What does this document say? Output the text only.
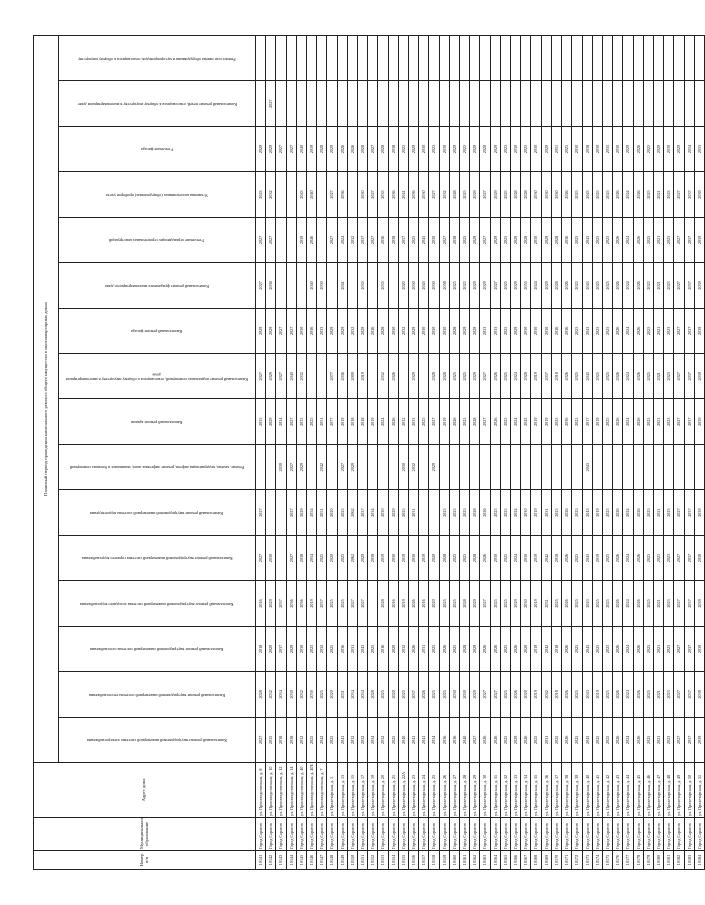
Номер п/п	Муниципальное образование	Адрес дома	Плановый период проведения капитального ремонта общего имущества в многоквартирных домах															

			Капитальный ремонт внутридомовой инженерной системы электроснабжения	Капитальный ремонт внутридомовой инженерной системы теплоснабжения	Капитальный ремонт внутридомовой инженерной системы газоснабжения	Капитальный ремонт внутридомовой инженерной системы холодного водоснабжения	Капитальный ремонт внутридомовой инженерной системы горячего водоснабжения	Капитальный ремонт внутридомовой инженерной системы водоотведения	Ремонт, замена, модернизация лифтов, ремонт лифтовых шахт, машинных и блочных помещений	Капитальный ремонт крыши	Капитальный ремонт подвальных помещений, относящихся к общему имуществу в многоквартирном доме	Капитальный ремонт фасада	Капитальный ремонт фундамента многоквартирного дома	Утепление ограждающих строительных конструкций	Установка коллективных (общедомовых) приборов учета	Утепление фасада	Капитальный ремонт печей, относящихся к общему имуществу в многоквартирном доме	Ремонт или замена оборудования и мусоропроводов, относящихся к общему имуществу

10141	Город Саратов	ул. Производственная, д. 8	2027	2028	2018	2016	2027	2027		2035	2027	2029	2027	2027	2023	2029		
10142	Город Саратов	ул. Производственная, д. 10	2035	2032	2029	2029	2030			2029	2029	2029	2038	2027	2032	2029	2027	
10143	Город Саратов	ул. Производственная, д. 12	2038	2034	2037	2037			2039	2034	2027	2027				2027		
10144	Город Саратов	ул. Производственная, д. 14	2038	2030	2029	2036	2027	2027	2027	2027	2040	2027				2027		
10145	Город Саратов	ул. Производственная, д. 40	2032	2032	2030	2036	2038	2029	2029	2035	2032	2030		2039	2043	2040		
10146	Город Саратов	ул. Производственная, д. 40Б	2025	2030	2025	2019	2054	2054		2025		2036	2040	2046	2040	2039		
10147	Город Саратов	ул. Производственная, д. 7	2042	2025	2032	2037	2025	2051	2042	2051		2033	2030			2028		
10148	Город Саратов	ул. Пролетарская, д. 1	2025	2020	2025	2025	2020	2020		2077	2077	2029		2027	2027	2029		
10149	Город Саратов	ул. Пролетарская, д. 13	2041	2031	2036	2025	2025	2025	2027	2019	2036	2029	2041	2024	2036	2026		
10150	Город Саратов	ул. Пролетарская, д. 15	2032	2034	2031	2027	2062	2062	2029	2018	2009	2032		2032		2026		
10151	Город Саратов	ул. Пролетарская, д. 17	2032	2034	2043	2027	2029	2037		2018	2019	2029	2035	2037	2030	2028		
10152	Город Саратов	ул. Пролетарская, д. 19	2034	2028	2025		2038	2034		2019		2036		2027	2027	2027		
10153	Город Саратов	ул. Пролетарская, д. 20	2032	2025	2016	2028	2019	2030		2024	2032	2028	2035	2036	2035	2028		
10154	Город Саратов	ул. Пролетарская, д. 21	2025	2020	2020	2016	2030	2029		2026	2026	2030		2038	2036	2038		
10155	Город Саратов	ул. Пролетарская, д. 22А	2040	2025	2032	2019	2019	2025	2030	2032		2032	2020	2037	2041	2025		
10156	Город Саратов	ул. Пролетарская, д. 23	2041	2037	2026	2026	2030	2031	2032	2033	2029	2029	2030	2025	2036	2029		
10157	Город Саратов	ул. Пролетарская, д. 24	2041	2026	2031	2016	2019			2025		2030	2043	2045	2030	2030		
10158	Город Саратов	ул. Пролетарская, д. 25	2034	2025	2025	2020	2020		2029	2027	2028	2030	2030	2030	2027	2025		
10159	Город Саратов	ул. Пролетарская, д. 26	2036	2025	2026	2025	2028	2025		2019	2028	2030	2058	2027	2032	2030		
10160	Город Саратов	ул. Пролетарская, д. 27	2036	2030	2025	2025	2025	2025		2026	2025	2028	2025	2038	2028	2029		
10161	Город Саратов	ул. Пролетарская, д. 28	2040	2030	2028	2028	2025	2025		2025	2025	2029	2025	2025	2025	2025		
10162	Город Саратов	ул. Пролетарская, д. 29	2027	2029	2029	2029	2028	2028		2028	2029	2029	2029	2029	2029	2029		
10163	Город Саратов	ул. Пролетарская, д. 30	2026	2027	2026	2027	2026	2026		2027	2027	2033	2029	2027	2027	2028		
10164	Город Саратов	ул. Пролетарская, д. 31	2026	2027	2026	2025	2030	2025		2026	2026	2033	2027	2029	2029	2029		
10165	Город Саратов	ул. Пролетарская, д. 32	2025	2025	2025	2025	2025	2025		2025	2025	2025	2025	2025	2025	2025		
10166	Город Саратов	ул. Пролетарская, д. 33	2029	2026	2026	2029	2024	2024		2024	2024	2029	2029	2029	2028	2030		
10167	Город Саратов	ул. Пролетарская, д. 34	2026	2020	2020	2030	2030	2030		2043	2028	2030	2055	2028	2028	2025		
10168	Город Саратов	ул. Пролетарская, д. 35	2025	2019	2019	2019	2019	2019		2019	2019	2030	2024	2030	2030	2030		
10169	Город Саратов	ул. Пролетарская, д. 36	2031	2042	2042	2031	2042	2031		2019	2037	2030	2029	2029	2030	2029		
10170	Город Саратов	ул. Пролетарская, д. 37	2025	2018	2018	2025	2018	2025		2025	2018	2036	2028	2028	2030	2051		
10171	Город Саратов	ул. Пролетарская, д. 38	2026	2026	2026	2026	2026	2026		2036	2026	2036	2026	2036	2026	2025		
10172	Город Саратов	ул. Пролетарская, д. 39	2025	2025	2025	2025	2025	2025		2025	2025	2025	2025	2025	2025	2030		
10173	Город Саратов	ул. Пролетарская, д. 40	2043	2043	2043	2043	2043	2043	2043	2017	2043	2043	2043	2043	2043	2038		
10174	Город Саратов	ул. Пролетарская, д. 41	2025	2019	2025	2025	2019	2019		2019	2025	2025	2025	2025	2025	2030		
10175	Город Саратов	ул. Пролетарская, д. 42	2025	2025	2025	2025	2025	2025		2025	2025	2025	2025	2025	2025	2035		
10176	Город Саратов	ул. Пролетарская, д. 43	2026	2026	2026	2026	2026	2026		2026	2026	2026	2026	2026	2026	2030		
10177	Город Саратов	ул. Пролетарская, д. 44	2024	2024	2024	2024	2024	2024		2024	2024	2024	2024	2024	2024	2029		
10178	Город Саратов	ул. Пролетарская, д. 45	2026	2026	2026	2026	2026	2026		2026	2026	2026	2026	2026	2026	2026		
10179	Город Саратов	ул. Пролетарская, д. 46	2025	2025	2025	2025	2025	2025		2025	2025	2025	2025	2025	2025	2025		
10180	Город Саратов	ул. Пролетарская, д. 47	2021	2021	2021	2021	2021	2021		2021	2021	2021	2021	2021	2021	2029		
10181	Город Саратов	ул. Пролетарская, д. 48	2023	2023	2023	2023	2023	2023		2023	2023	2023	2023	2023	2023	2030		
10182	Город Саратов	ул. Пролетарская, д. 49	2027	2027	2027	2027	2027	2027		2027	2027	2027	2027	2027	2027	2029		
10183	Город Саратов	ул. Пролетарская, д. 50	2037	2037	2037	2037	2037	2037		2037	2037	2037	2037	2037	2037	2034		
10184	Город Саратов	ул. Пролетарская, д. 51	2039	2039	2039	2039	2039	2039		2039	2039	2039	2039	2039	2039	2033		
